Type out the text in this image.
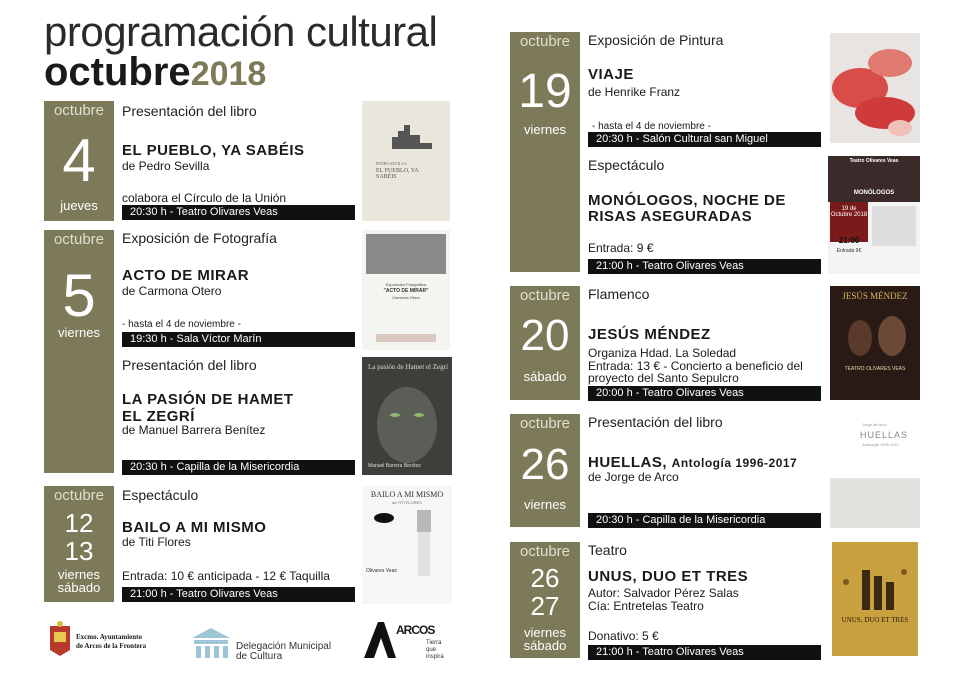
programación cultural
octubre2018
octubre
4
jueves
Presentación del libro
EL PUEBLO, YA SABÉIS
de Pedro Sevilla
colabora el Círculo de la Unión
20:30 h - Teatro Olivares Veas
PEDRO SEVILLA
EL PUEBLO, YA SABÉIS
octubre
5
viernes
Exposición de Fotografía
ACTO DE MIRAR
de Carmona Otero
- hasta el 4 de noviembre -
19:30 h - Sala Víctor Marín
Exposición Fotográfica
"ACTO DE MIRAR"
Carmona Otero
Presentación del libro
LA PASIÓN DE HAMET
EL ZEGRÍ
de Manuel Barrera Benítez
20:30 h - Capilla de la Misericordia
La pasión de Hamet el Zegrí
Manuel Barrera Benítez
octubre
12
13
viernes
sábado
Espectáculo
BAILO A MI MISMO
de Titi Flores
Entrada: 10 € anticipada - 12 € Taquilla
21:00 h - Teatro Olivares Veas
BAILO A MI MISMO
de TITI FLORES
Olivares Veas
octubre
19
viernes
Exposición de Pintura
VIAJE
de Henrike Franz
- hasta el 4 de noviembre -
20:30 h - Salón Cultural san Miguel
Espectáculo
MONÓLOGOS, NOCHE DE
RISAS ASEGURADAS
Entrada: 9 €
21:00 h - Teatro Olivares Veas
Teatro Olivares Veas
MONÓLOGOS
19 de Octubre 2018
21:00
Entrada 9€
octubre
20
sábado
Flamenco
JESÚS MÉNDEZ
Organiza Hdad. La Soledad
Entrada: 13 € - Concierto a beneficio del
proyecto del Santo Sepulcro
20:00 h - Teatro Olivares Veas
JESÚS MÉNDEZ
TEATRO OLIVARES VEAS
octubre
26
viernes
Presentación del libro
HUELLAS, Antología 1996-2017
de Jorge de Arco
20:30 h - Capilla de la Misericordia
Jorge de Arco
HUELLAS
Antología 1996-2017
octubre
26
27
viernes
sábado
Teatro
UNUS, DUO ET TRES
Autor: Salvador Pérez Salas
Cía: Entretelas Teatro
Donativo: 5 €
21:00 h - Teatro Olivares Veas
UNUS, DUO ET TRES
Excmo. Ayuntamiento
de Arcos de la Frontera	Delegación Municipal
de Cultura
ARCOS
Tierra que inspira
